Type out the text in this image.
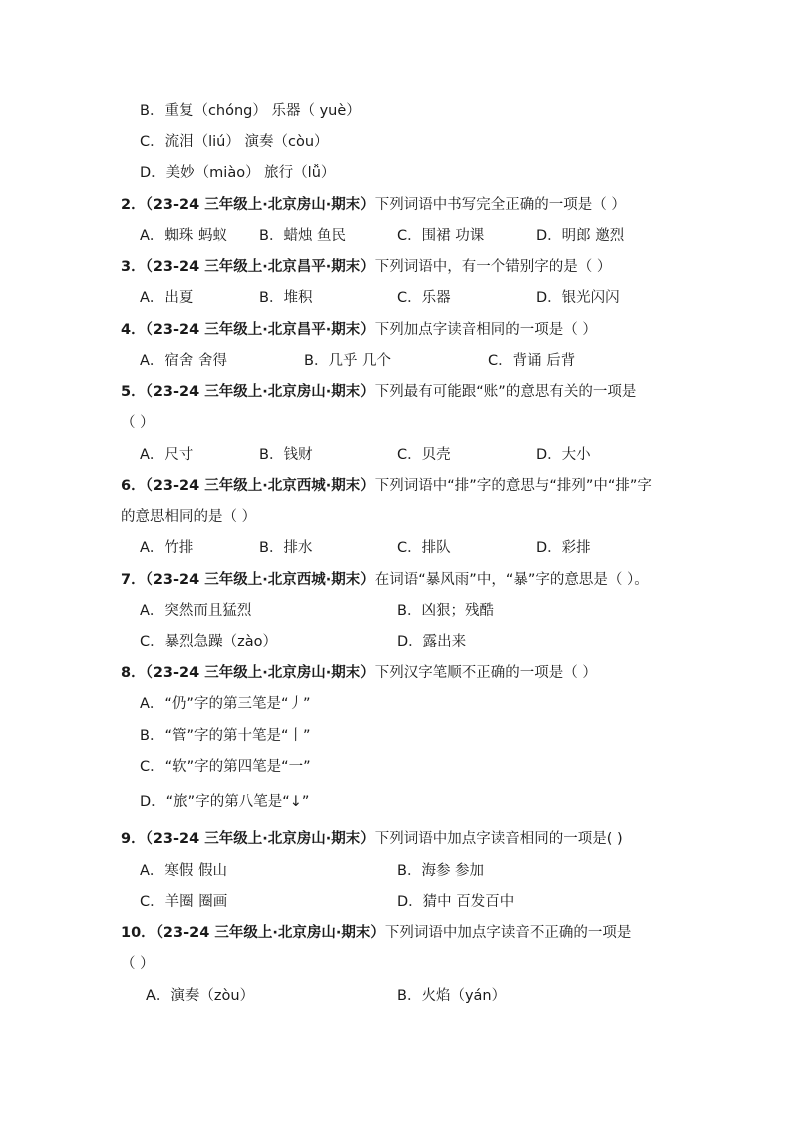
B．重复（chóng） 乐器（ yuè）
C．流泪（liú） 演奏（còu）
D．美妙（miào） 旅行（lǚ）
2．（23-24 三年级上·北京房山·期末）下列词语中书写完全正确的一项是（ ）
A．蜘珠 蚂蚁 B．蜡烛 鱼民	C．围裙 功课	D．明郎 邀烈
3．（23-24 三年级上·北京昌平·期末）下列词语中，有一个错别字的是（ ）
A．出夏	B．堆积	C．乐器	D．银光闪闪
4．（23-24 三年级上·北京昌平·期末）下列加点字读音相同的一项是（ ）
A．宿舍 舍得	B．几乎 几个	C．背诵 后背
5．（23-24 三年级上·北京房山·期末）下列最有可能跟“账”的意思有关的一项是
（ ）
A．尺寸	B．钱财	C．贝壳	D．大小
6．（23-24 三年级上·北京西城·期末）下列词语中“排”字的意思与“排列”中“排”字
的意思相同的是（ ）
A．竹排	B．排水	C．排队	D．彩排
7．（23-24 三年级上·北京西城·期末）在词语“暴风雨”中，“暴”字的意思是（ ）。
A．突然而且猛烈	B．凶狠；残酷
C．暴烈急躁（zào）	D．露出来
8．（23-24 三年级上·北京房山·期末）下列汉字笔顺不正确的一项是（ ）
A．“仍”字的第三笔是“丿”
B．“管”字的第十笔是“丨”
C．“软”字的第四笔是“一”
D．“旅”字的第八笔是“↓”
9．（23-24 三年级上·北京房山·期末）下列词语中加点字读音相同的一项是( )
A．寒假 假山	B．海参 参加
C．羊圈 圈画	D．猜中 百发百中
10．（23-24 三年级上·北京房山·期末）下列词语中加点字读音不正确的一项是
（ ）
A．演奏（zòu）	B．火焰（yán）
